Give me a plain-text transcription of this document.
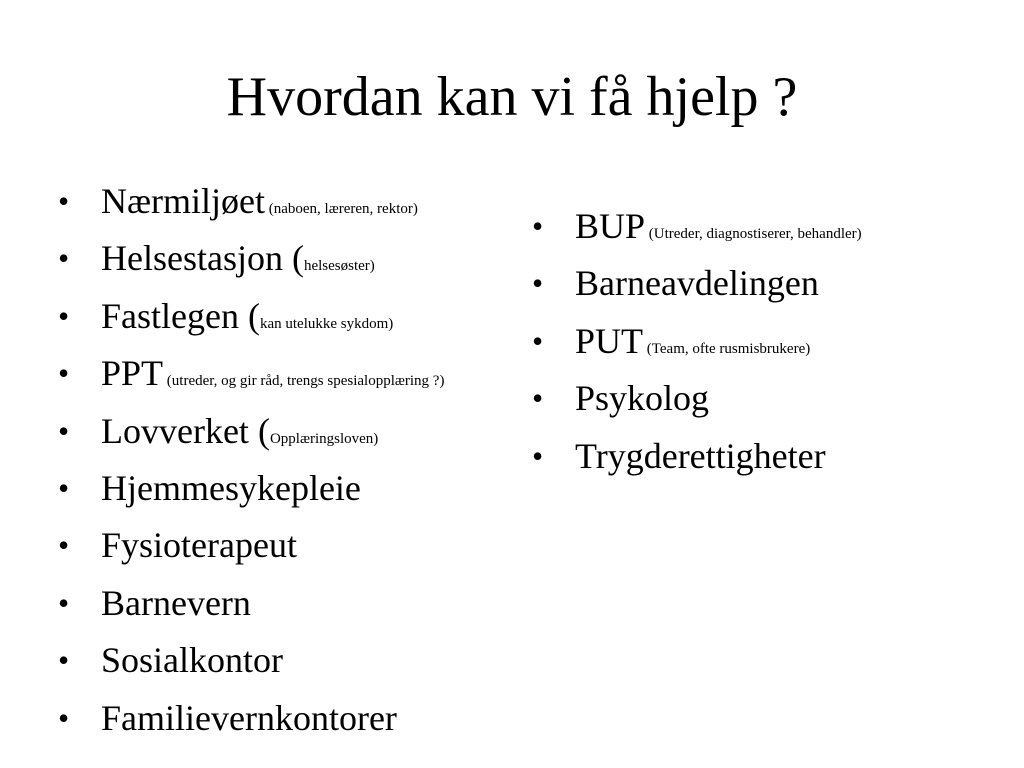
Hvordan kan vi få hjelp ?
• Nærmiljøet (naboen, læreren, rektor)
• Helsestasjon (helsesøster)
• Fastlegen (kan utelukke sykdom)
• PPT (utreder, og gir råd, trengs spesialopplæring ?)
• Lovverket (Opplæringsloven)
• Hjemmesykepleie
• Fysioterapeut
• Barnevern
• Sosialkontor
• Familievernkontorer
• BUP (Utreder, diagnostiserer, behandler)
• Barneavdelingen
• PUT (Team, ofte rusmisbrukere)
• Psykolog
• Trygderettigheter
